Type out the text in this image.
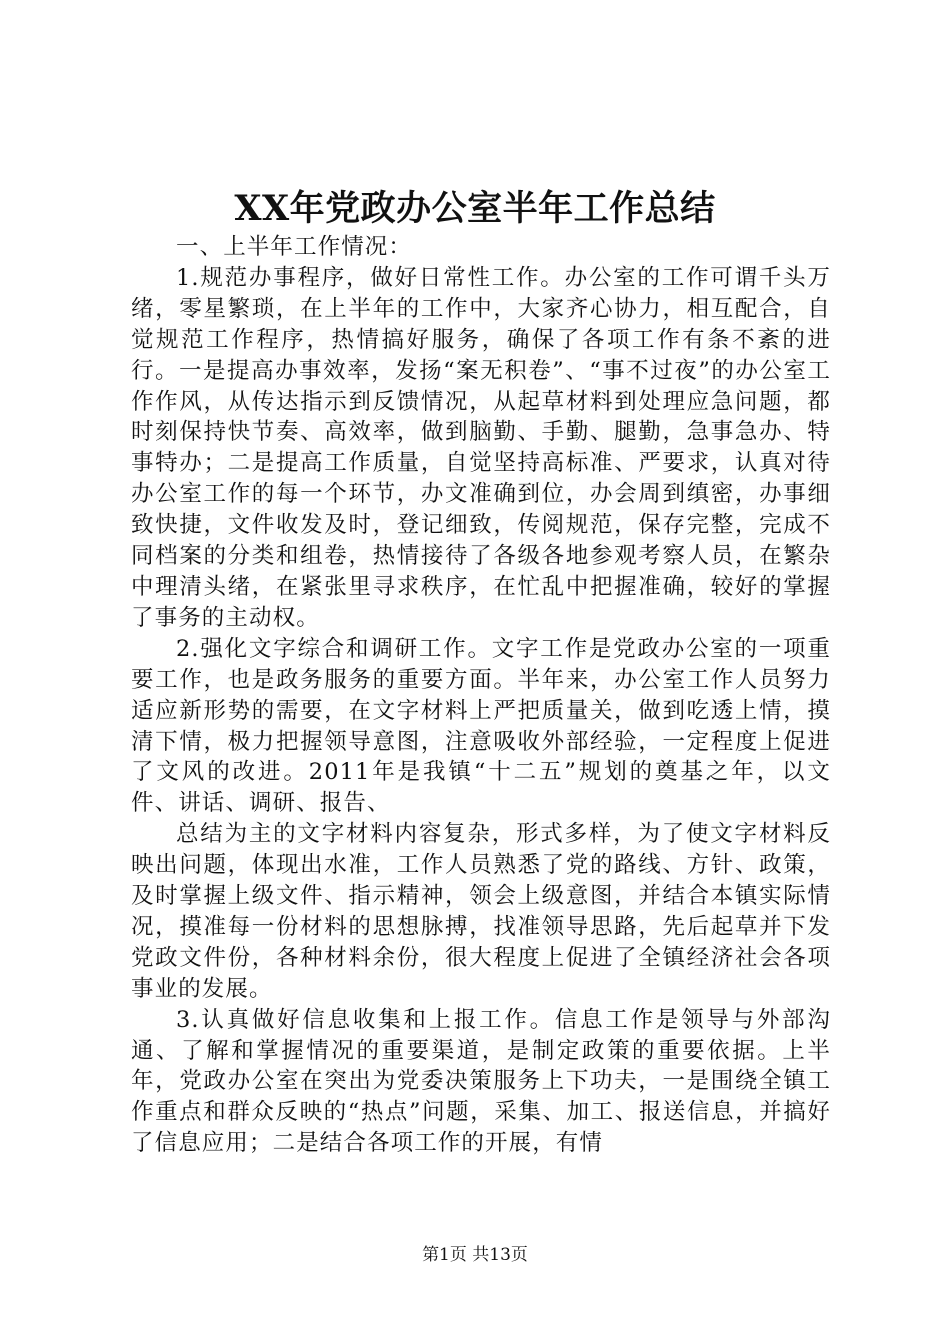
XX年党政办公室半年工作总结

一、上半年工作情况：

1.规范办事程序，做好日常性工作。办公室的工作可谓千头万绪，零星繁琐，在上半年的工作中，大家齐心协力，相互配合，自觉规范工作程序，热情搞好服务，确保了各项工作有条不紊的进行。一是提高办事效率，发扬“案无积卷”、“事不过夜”的办公室工作作风，从传达指示到反馈情况，从起草材料到处理应急问题，都时刻保持快节奏、高效率，做到脑勤、手勤、腿勤，急事急办、特事特办；二是提高工作质量，自觉坚持高标准、严要求，认真对待办公室工作的每一个环节，办文准确到位，办会周到缜密，办事细致快捷，文件收发及时，登记细致，传阅规范，保存完整，完成不同档案的分类和组卷，热情接待了各级各地参观考察人员，在繁杂中理清头绪，在紧张里寻求秩序，在忙乱中把握准确，较好的掌握了事务的主动权。

2.强化文字综合和调研工作。文字工作是党政办公室的一项重要工作，也是政务服务的重要方面。半年来，办公室工作人员努力适应新形势的需要，在文字材料上严把质量关，做到吃透上情，摸清下情，极力把握领导意图，注意吸收外部经验，一定程度上促进了文风的改进。2011年是我镇“十二五”规划的奠基之年，以文件、讲话、调研、报告、

总结为主的文字材料内容复杂，形式多样，为了使文字材料反映出问题，体现出水准，工作人员熟悉了党的路线、方针、政策，及时掌握上级文件、指示精神，领会上级意图，并结合本镇实际情况，摸准每一份材料的思想脉搏，找准领导思路，先后起草并下发党政文件份，各种材料余份，很大程度上促进了全镇经济社会各项事业的发展。

3.认真做好信息收集和上报工作。信息工作是领导与外部沟通、了解和掌握情况的重要渠道，是制定政策的重要依据。上半年，党政办公室在突出为党委决策服务上下功夫，一是围绕全镇工作重点和群众反映的“热点”问题，采集、加工、报送信息，并搞好了信息应用；二是结合各项工作的开展，有情

第1页 共13页
